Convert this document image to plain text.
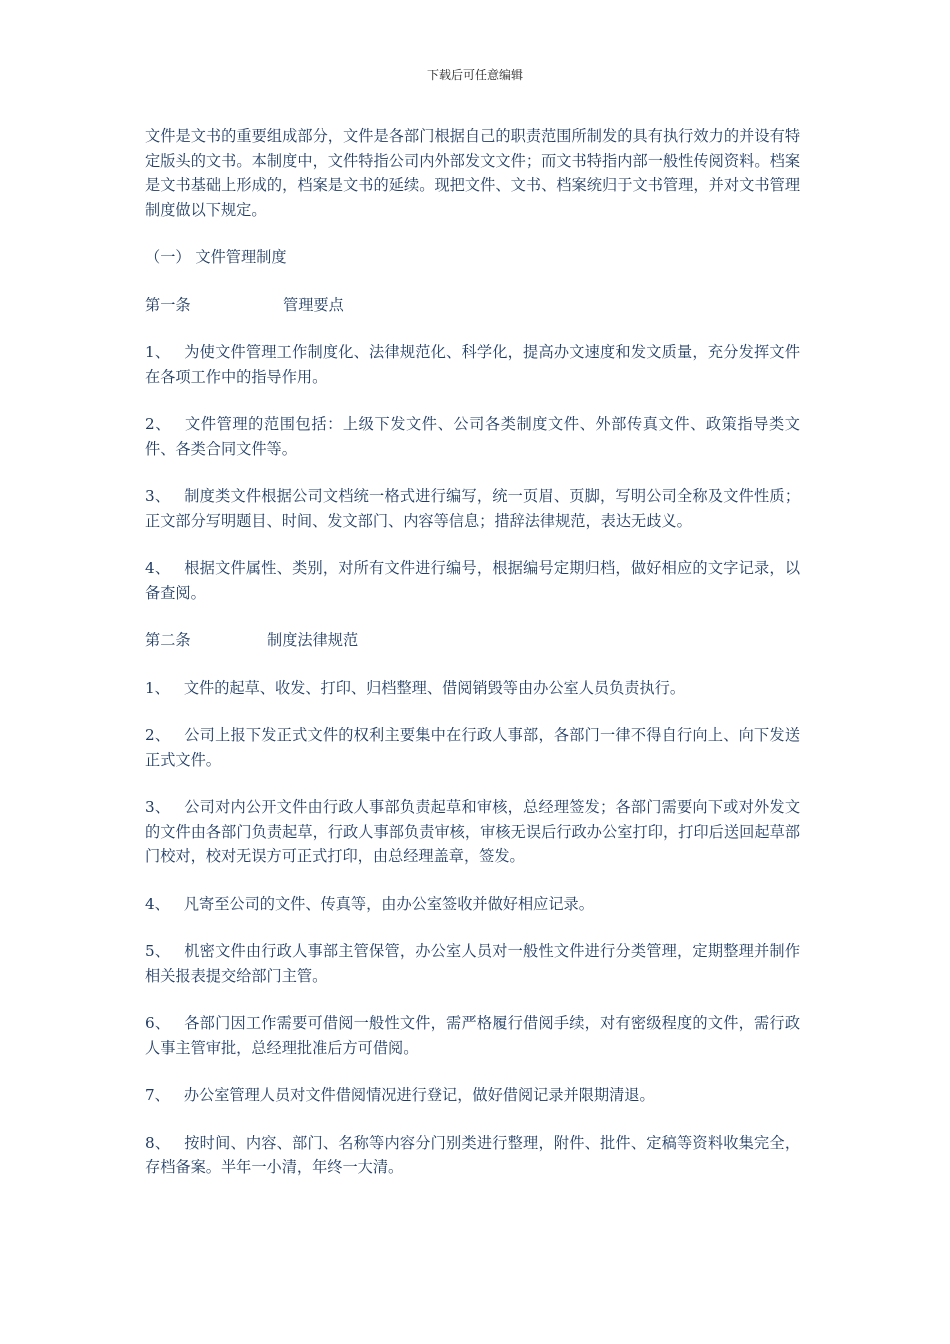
下载后可任意编辑

文件是文书的重要组成部分，文件是各部门根据自己的职责范围所制发的具有执行效力的并设有特定版头的文书。本制度中，文件特指公司内外部发文文件；而文书特指内部一般性传阅资料。档案是文书基础上形成的，档案是文书的延续。现把文件、文书、档案统归于文书管理，并对文书管理制度做以下规定。

（一） 文件管理制度

第一条	管理要点

1、 为使文件管理工作制度化、法律规范化、科学化，提高办文速度和发文质量，充分发挥文件在各项工作中的指导作用。

2、 文件管理的范围包括：上级下发文件、公司各类制度文件、外部传真文件、政策指导类文件、各类合同文件等。

3、 制度类文件根据公司文档统一格式进行编写，统一页眉、页脚，写明公司全称及文件性质；正文部分写明题目、时间、发文部门、内容等信息；措辞法律规范，表达无歧义。

4、 根据文件属性、类别，对所有文件进行编号，根据编号定期归档，做好相应的文字记录，以备查阅。

第二条	制度法律规范

1、 文件的起草、收发、打印、归档整理、借阅销毁等由办公室人员负责执行。

2、 公司上报下发正式文件的权利主要集中在行政人事部，各部门一律不得自行向上、向下发送正式文件。

3、 公司对内公开文件由行政人事部负责起草和审核，总经理签发；各部门需要向下或对外发文的文件由各部门负责起草，行政人事部负责审核，审核无误后行政办公室打印，打印后送回起草部门校对，校对无误方可正式打印，由总经理盖章，签发。

4、 凡寄至公司的文件、传真等，由办公室签收并做好相应记录。

5、 机密文件由行政人事部主管保管，办公室人员对一般性文件进行分类管理，定期整理并制作相关报表提交给部门主管。

6、 各部门因工作需要可借阅一般性文件，需严格履行借阅手续，对有密级程度的文件，需行政人事主管审批，总经理批准后方可借阅。

7、 办公室管理人员对文件借阅情况进行登记，做好借阅记录并限期清退。

8、 按时间、内容、部门、名称等内容分门别类进行整理，附件、批件、定稿等资料收集完全，存档备案。半年一小清，年终一大清。
